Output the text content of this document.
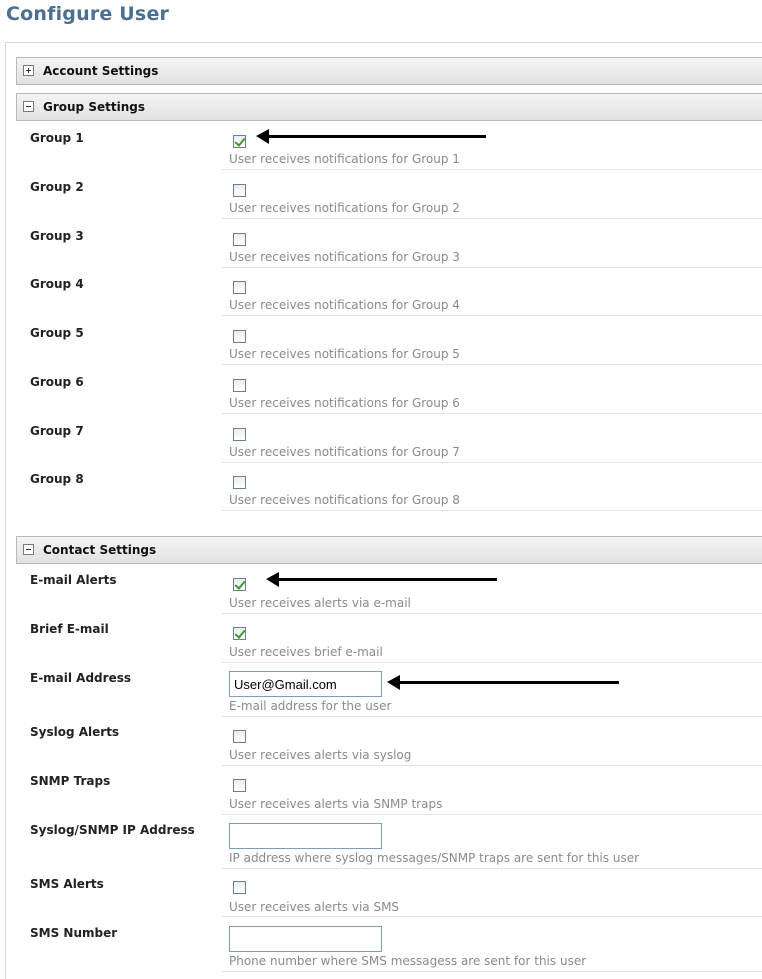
Configure User
Account Settings
Group Settings
Group 1
User receives notifications for Group 1
Group 2
User receives notifications for Group 2
Group 3
User receives notifications for Group 3
Group 4
User receives notifications for Group 4
Group 5
User receives notifications for Group 5
Group 6
User receives notifications for Group 6
Group 7
User receives notifications for Group 7
Group 8
User receives notifications for Group 8
Contact Settings
E-mail Alerts
User receives alerts via e-mail
Brief E-mail
User receives brief e-mail
E-mail Address
User@Gmail.com
E-mail address for the user
Syslog Alerts
User receives alerts via syslog
SNMP Traps
User receives alerts via SNMP traps
Syslog/SNMP IP Address
IP address where syslog messages/SNMP traps are sent for this user
SMS Alerts
User receives alerts via SMS
SMS Number
Phone number where SMS messagess are sent for this user
